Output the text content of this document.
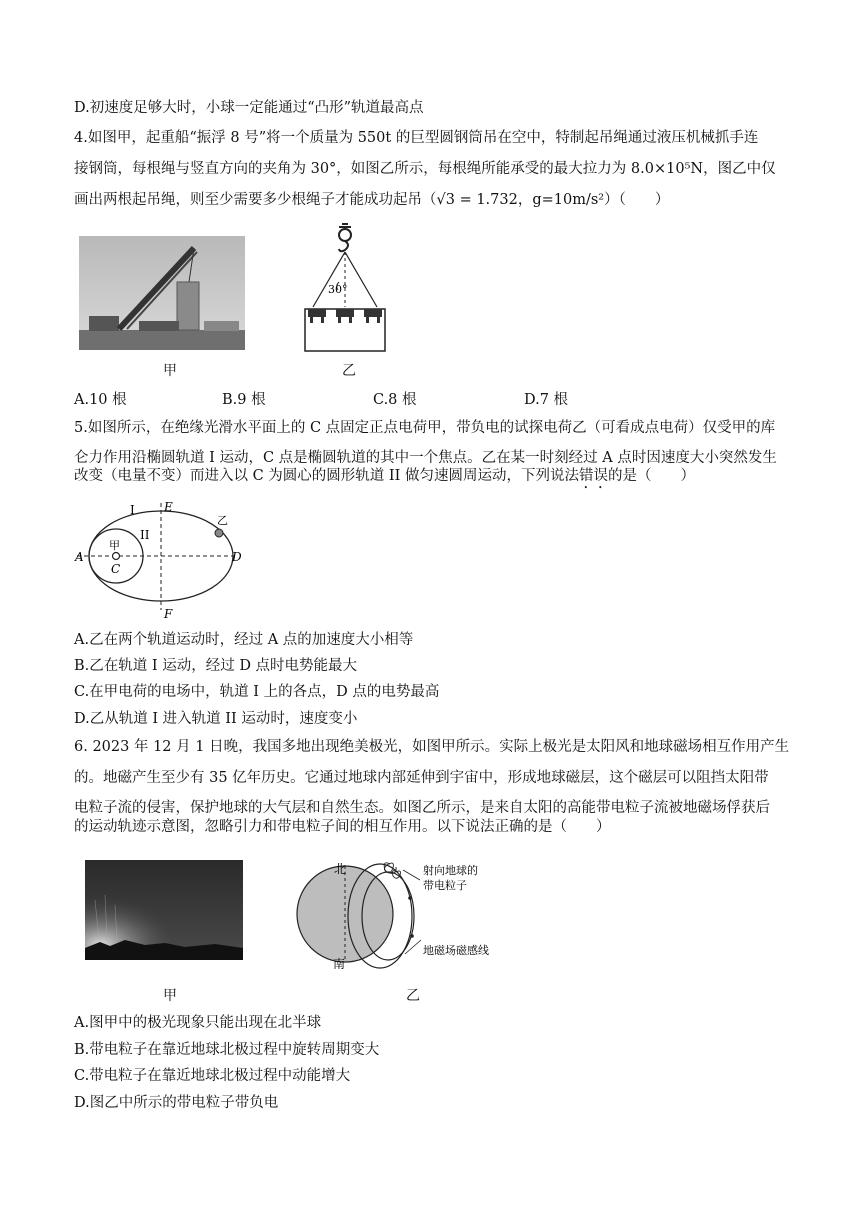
D.初速度足够大时，小球一定能通过“凸形”轨道最高点
4.如图甲，起重船“振浮 8 号”将一个质量为 550t 的巨型圆钢筒吊在空中，特制起吊绳通过液压机械抓手连
接钢筒，每根绳与竖直方向的夹角为 30°，如图乙所示，每根绳所能承受的最大拉力为 8.0×10⁵N，图乙中仅
画出两根起吊绳，则至少需要多少根绳子才能成功起吊（√3 = 1.732，g=10m/s²）（　　）
甲
30°
乙
A.10 根	B.9 根	C.8 根	D.7 根
5.如图所示，在绝缘光滑水平面上的 C 点固定正点电荷甲，带负电的试探电荷乙（可看成点电荷）仅受甲的库
仑力作用沿椭圆轨道 I 运动，C 点是椭圆轨道的其中一个焦点。乙在某一时刻经过 A 点时因速度大小突然发生
改变（电量不变）而进入以 C 为圆心的圆形轨道 II 做匀速圆周运动，下列说法错误的是（　　）
I
II
E
F
A	D
C
甲
乙
A.乙在两个轨道运动时，经过 A 点的加速度大小相等
B.乙在轨道 I 运动，经过 D 点时电势能最大
C.在甲电荷的电场中，轨道 I 上的各点，D 点的电势最高
D.乙从轨道 I 进入轨道 II 运动时，速度变小
6. 2023 年 12 月 1 日晚，我国多地出现绝美极光，如图甲所示。实际上极光是太阳风和地球磁场相互作用产生
的。地磁产生至少有 35 亿年历史。它通过地球内部延伸到宇宙中，形成地球磁层，这个磁层可以阻挡太阳带
电粒子流的侵害，保护地球的大气层和自然生态。如图乙所示，是来自太阳的高能带电粒子流被地磁场俘获后
的运动轨迹示意图，忽略引力和带电粒子间的相互作用。以下说法正确的是（　　）
甲
北
南
射向地球的
带电粒子
地磁场磁感线
乙
A.图甲中的极光现象只能出现在北半球
B.带电粒子在靠近地球北极过程中旋转周期变大
C.带电粒子在靠近地球北极过程中动能增大
D.图乙中所示的带电粒子带负电
